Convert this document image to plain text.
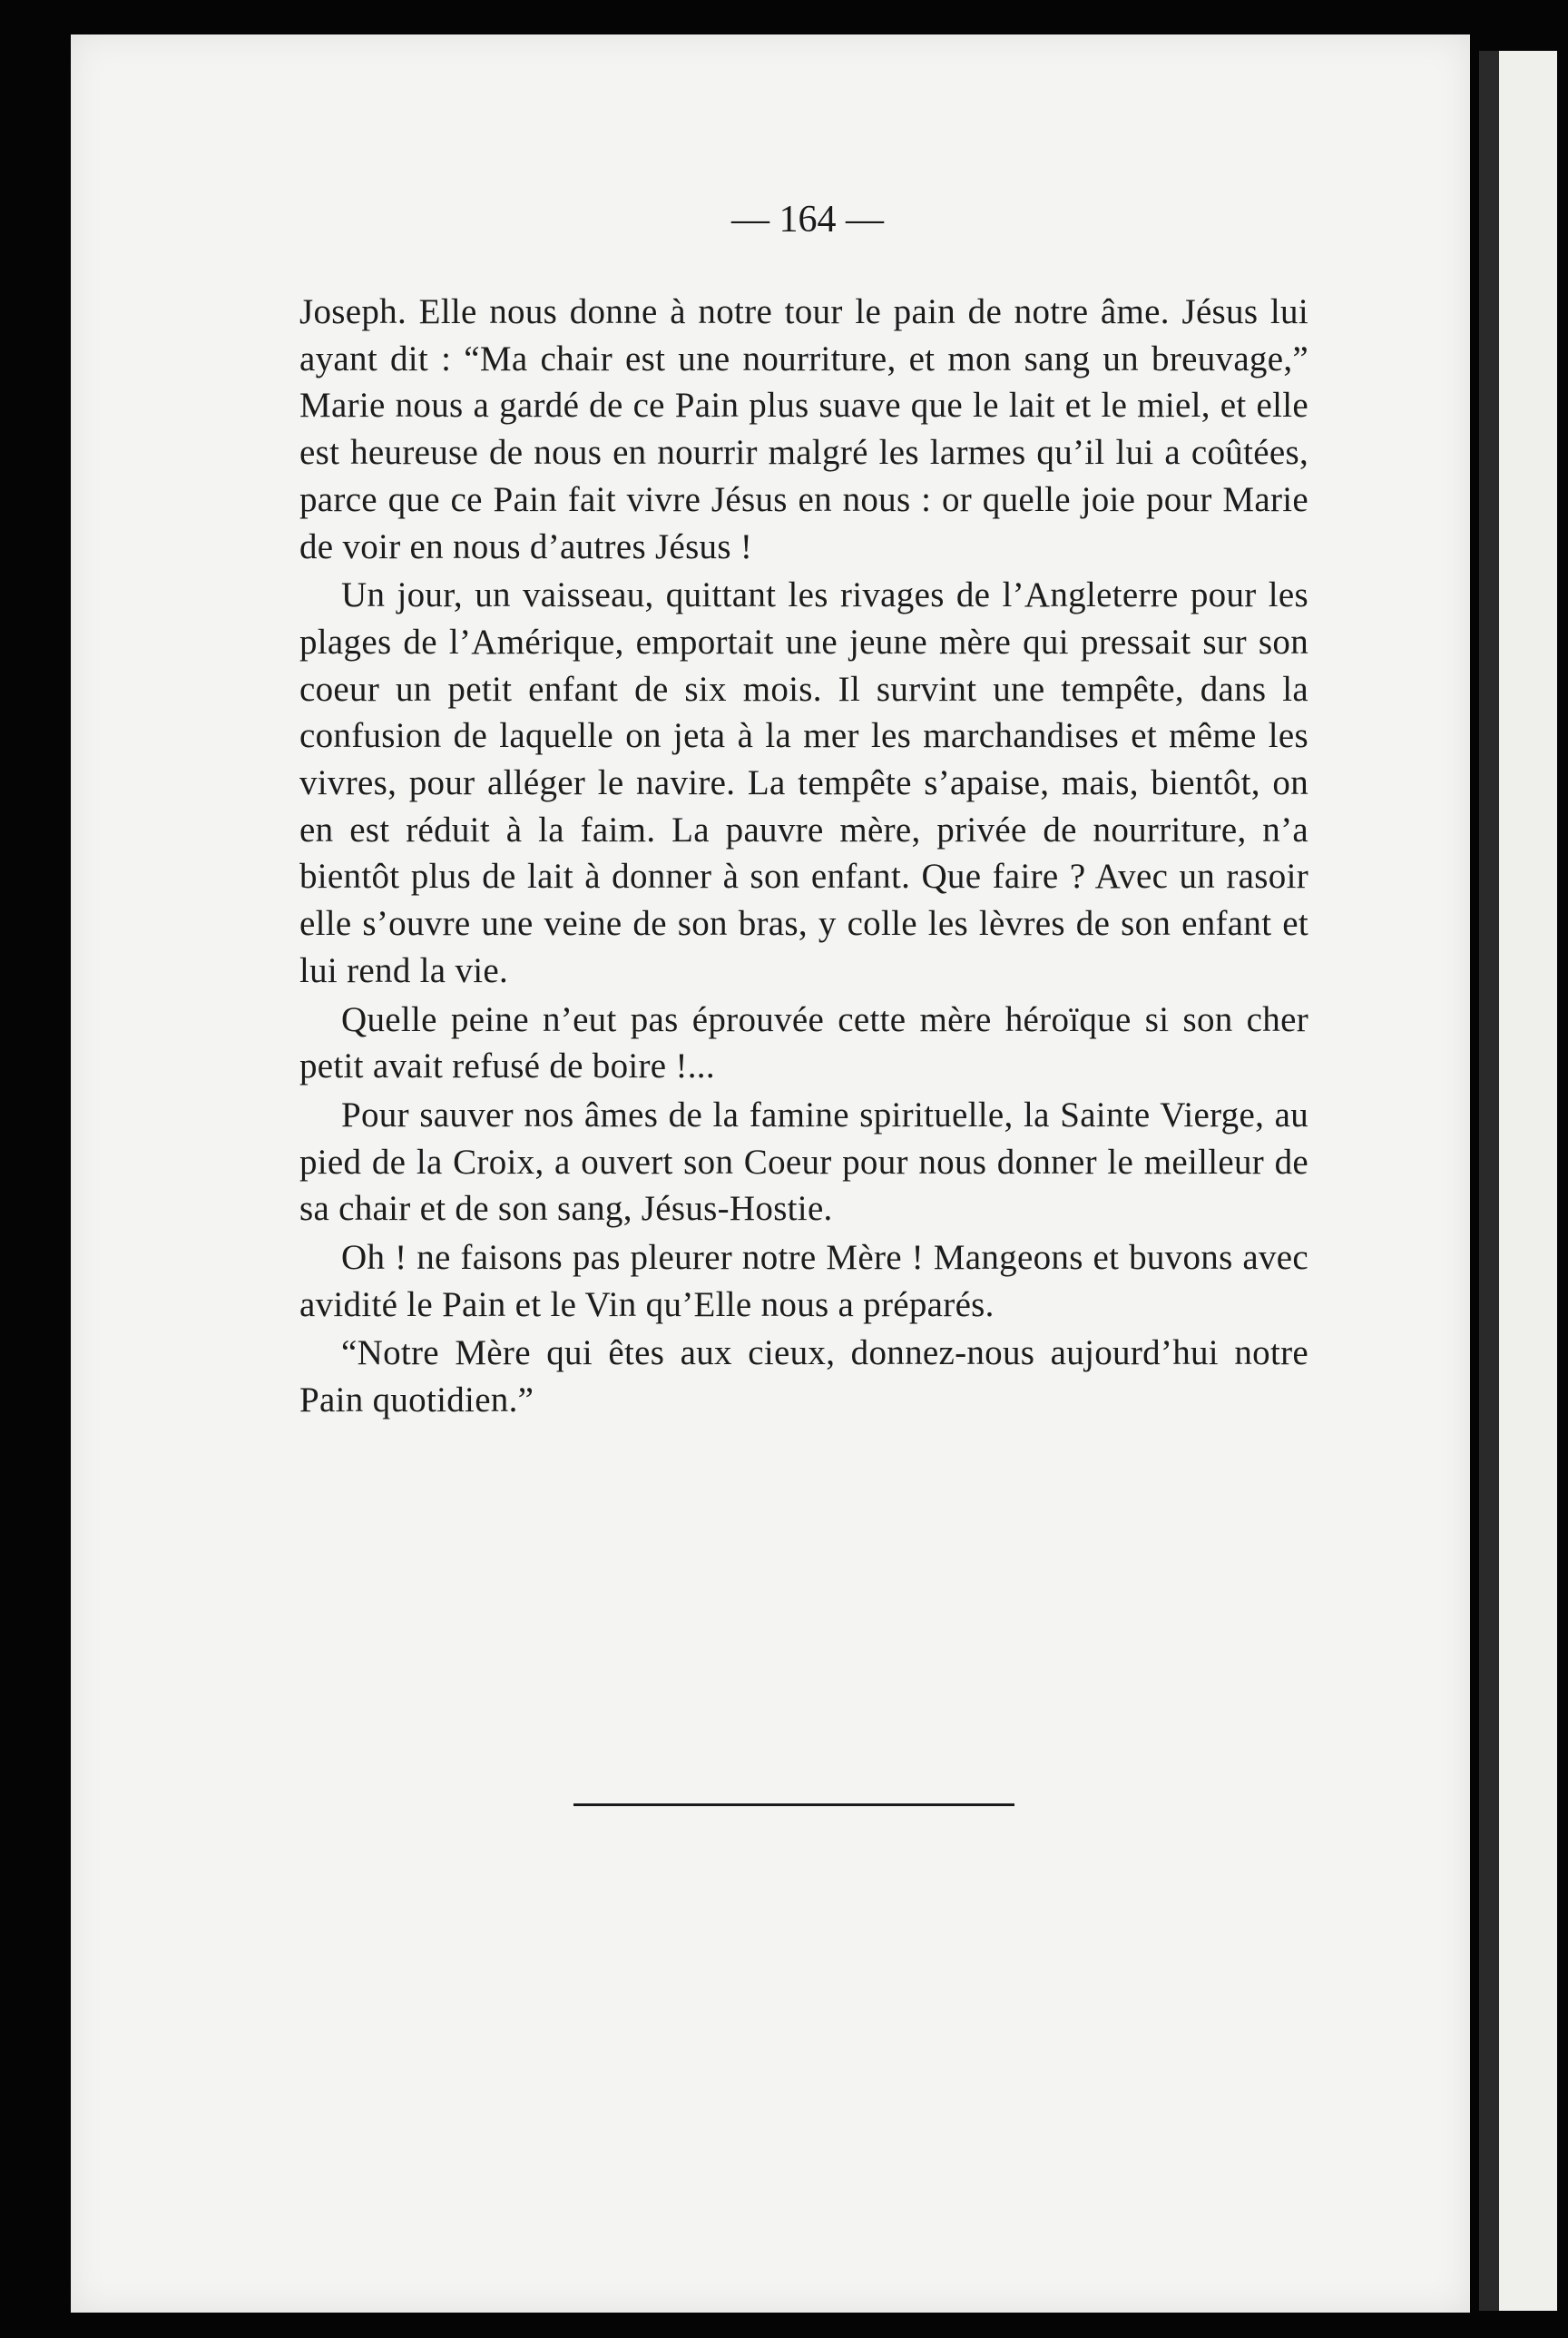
— 164 —

Joseph. Elle nous donne à notre tour le pain de notre âme. Jésus lui ayant dit : “Ma chair est une nourriture, et mon sang un breuvage,” Marie nous a gardé de ce Pain plus suave que le lait et le miel, et elle est heureuse de nous en nourrir malgré les larmes qu’il lui a coûtées, parce que ce Pain fait vivre Jésus en nous : or quelle joie pour Marie de voir en nous d’autres Jésus !

Un jour, un vaisseau, quittant les rivages de l’Angleterre pour les plages de l’Amérique, emportait une jeune mère qui pressait sur son coeur un petit enfant de six mois. Il survint une tempête, dans la confusion de laquelle on jeta à la mer les marchandises et même les vivres, pour alléger le navire. La tempête s’apaise, mais, bientôt, on en est réduit à la faim. La pauvre mère, privée de nourriture, n’a bientôt plus de lait à donner à son enfant. Que faire ? Avec un rasoir elle s’ouvre une veine de son bras, y colle les lèvres de son enfant et lui rend la vie.

Quelle peine n’eut pas éprouvée cette mère héroïque si son cher petit avait refusé de boire !...

Pour sauver nos âmes de la famine spirituelle, la Sainte Vierge, au pied de la Croix, a ouvert son Coeur pour nous donner le meilleur de sa chair et de son sang, Jésus-Hostie.

Oh ! ne faisons pas pleurer notre Mère ! Mangeons et buvons avec avidité le Pain et le Vin qu’Elle nous a préparés.

“Notre Mère qui êtes aux cieux, donnez-nous aujourd’hui notre Pain quotidien.”
